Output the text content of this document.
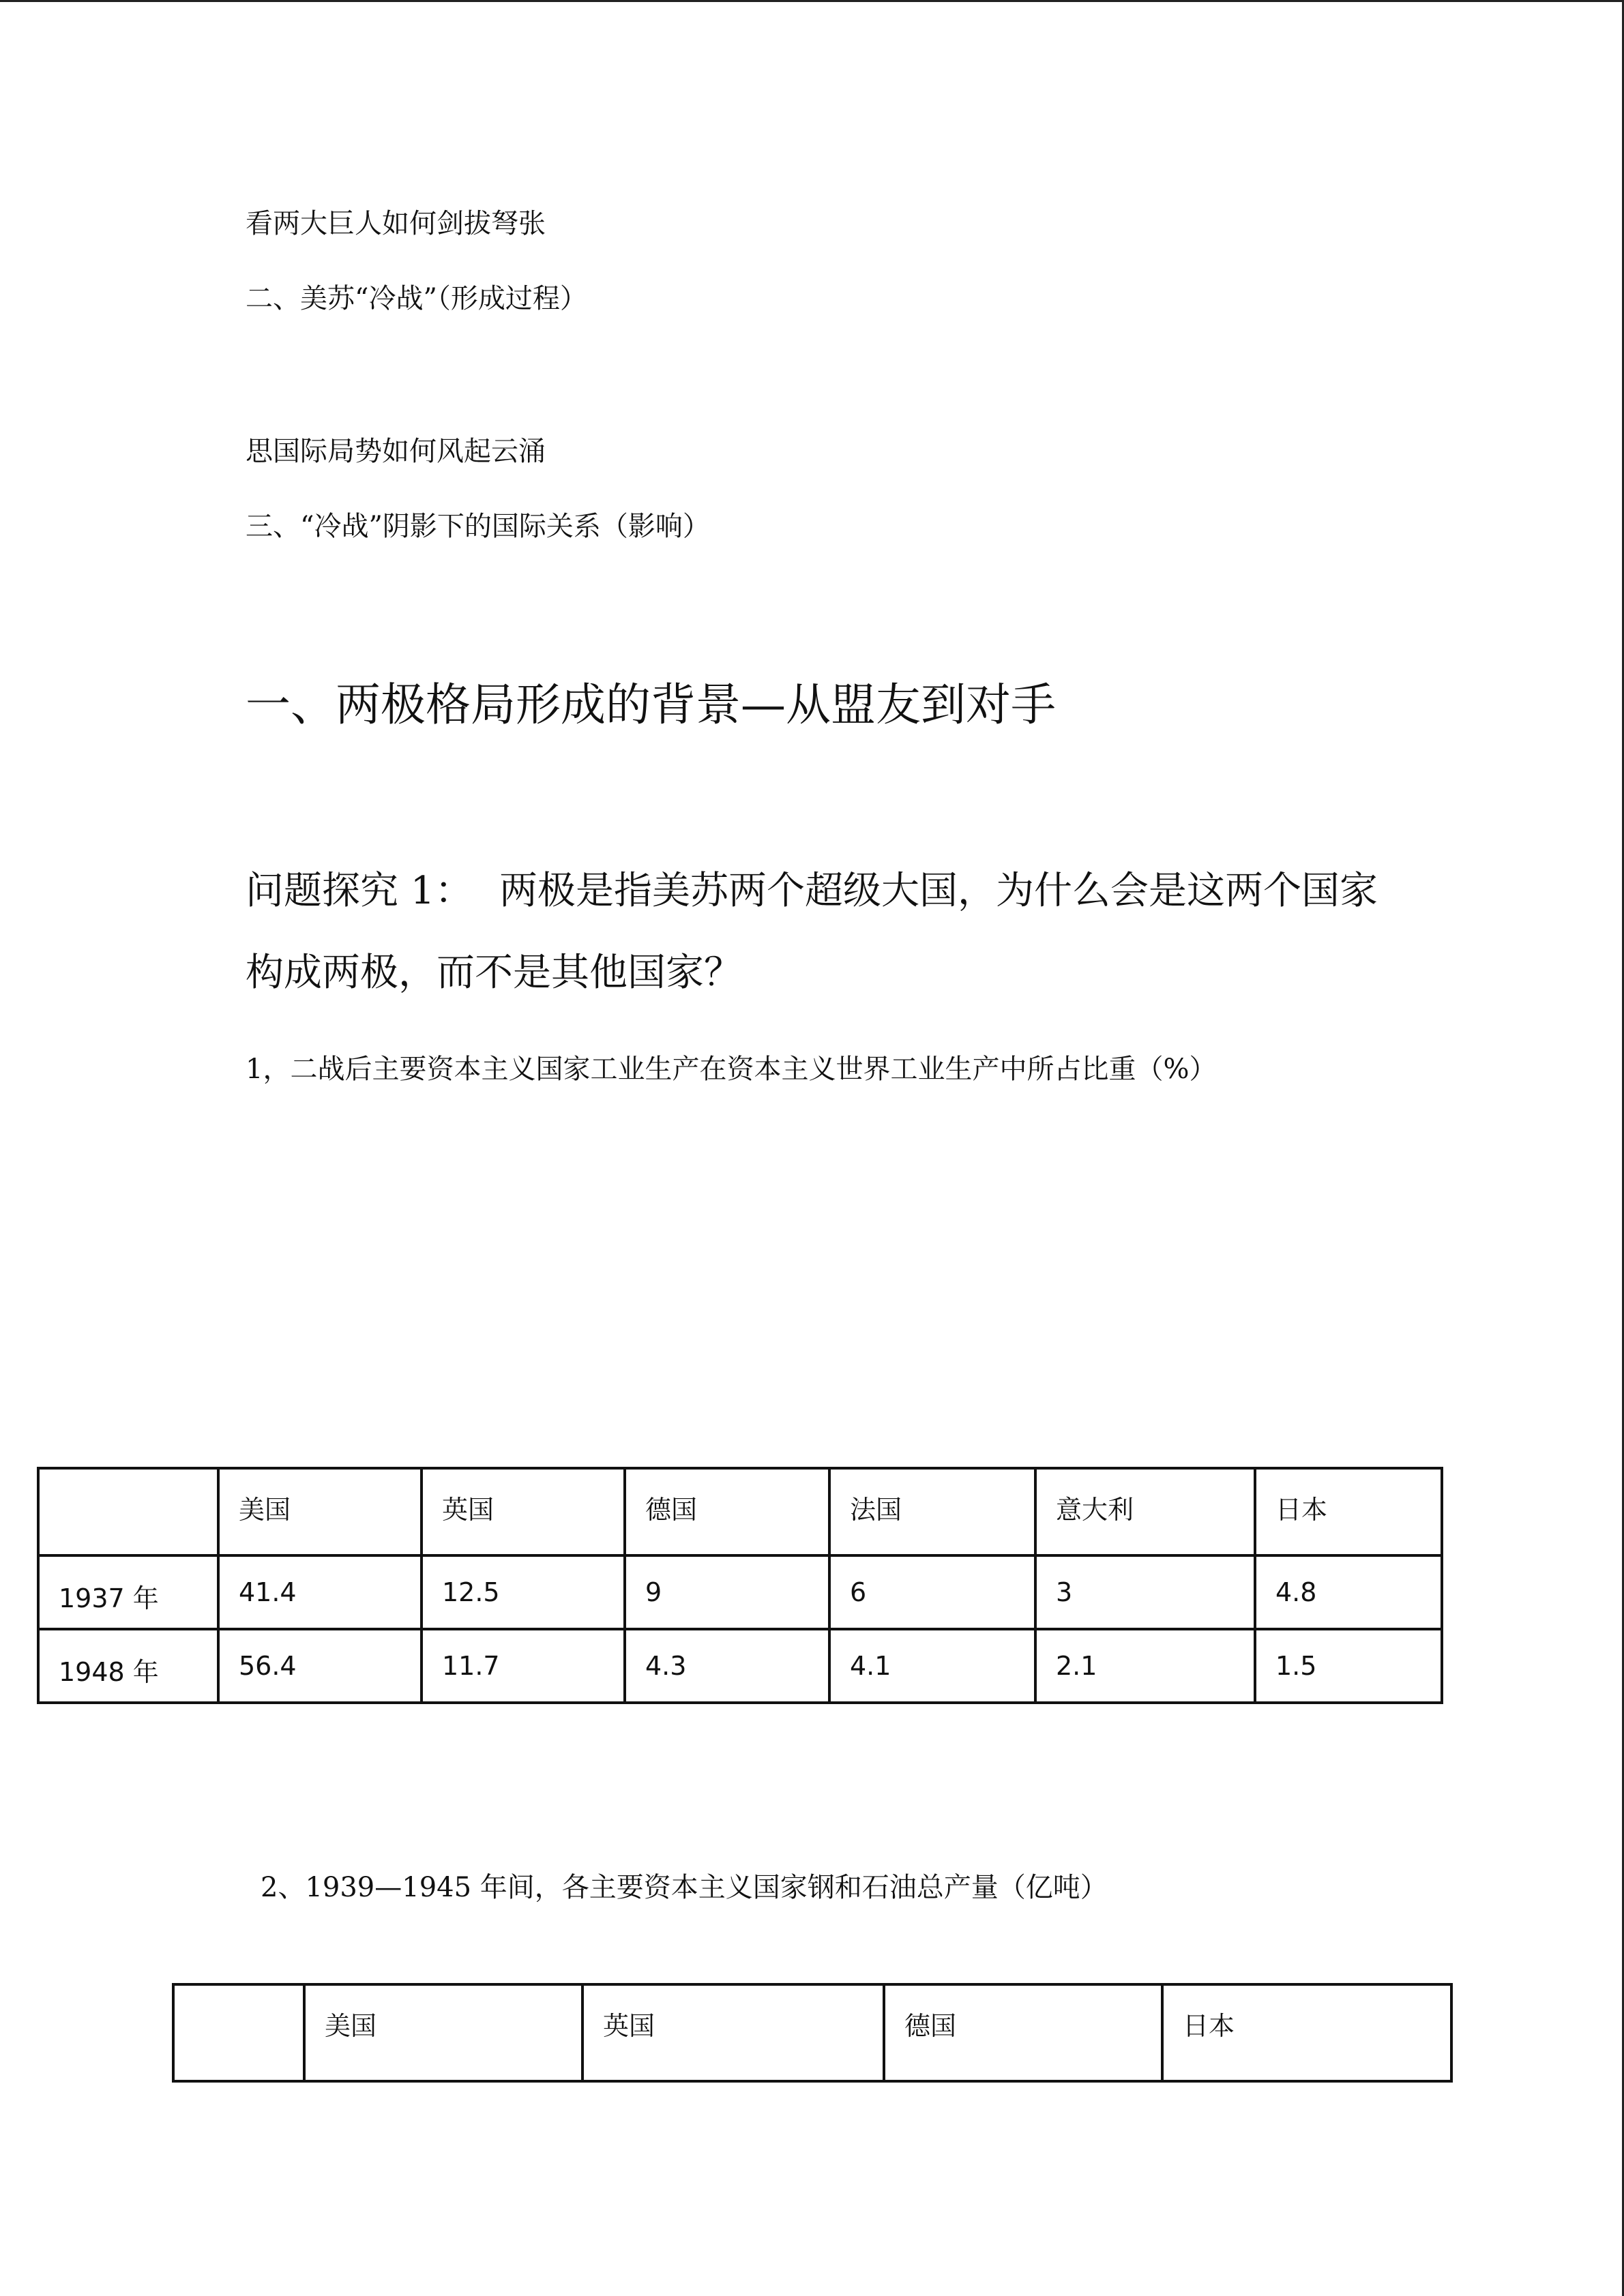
看两大巨人如何剑拔弩张
二、美苏“冷战”（形成过程）
思国际局势如何风起云涌
三、“冷战”阴影下的国际关系（影响）
一、两极格局形成的背景—从盟友到对手
问题探究 1： 两极是指美苏两个超级大国，为什么会是这两个国家
构成两极，而不是其他国家？
1，二战后主要资本主义国家工业生产在资本主义世界工业生产中所占比重（%）
	美国	英国	德国	法国	意大利	日本
1937 年	41.4	12.5	9	6	3	4.8
1948 年	56.4	11.7	4.3	4.1	2.1	1.5
2、1939—1945 年间，各主要资本主义国家钢和石油总产量（亿吨）
	美国	英国	德国	日本
